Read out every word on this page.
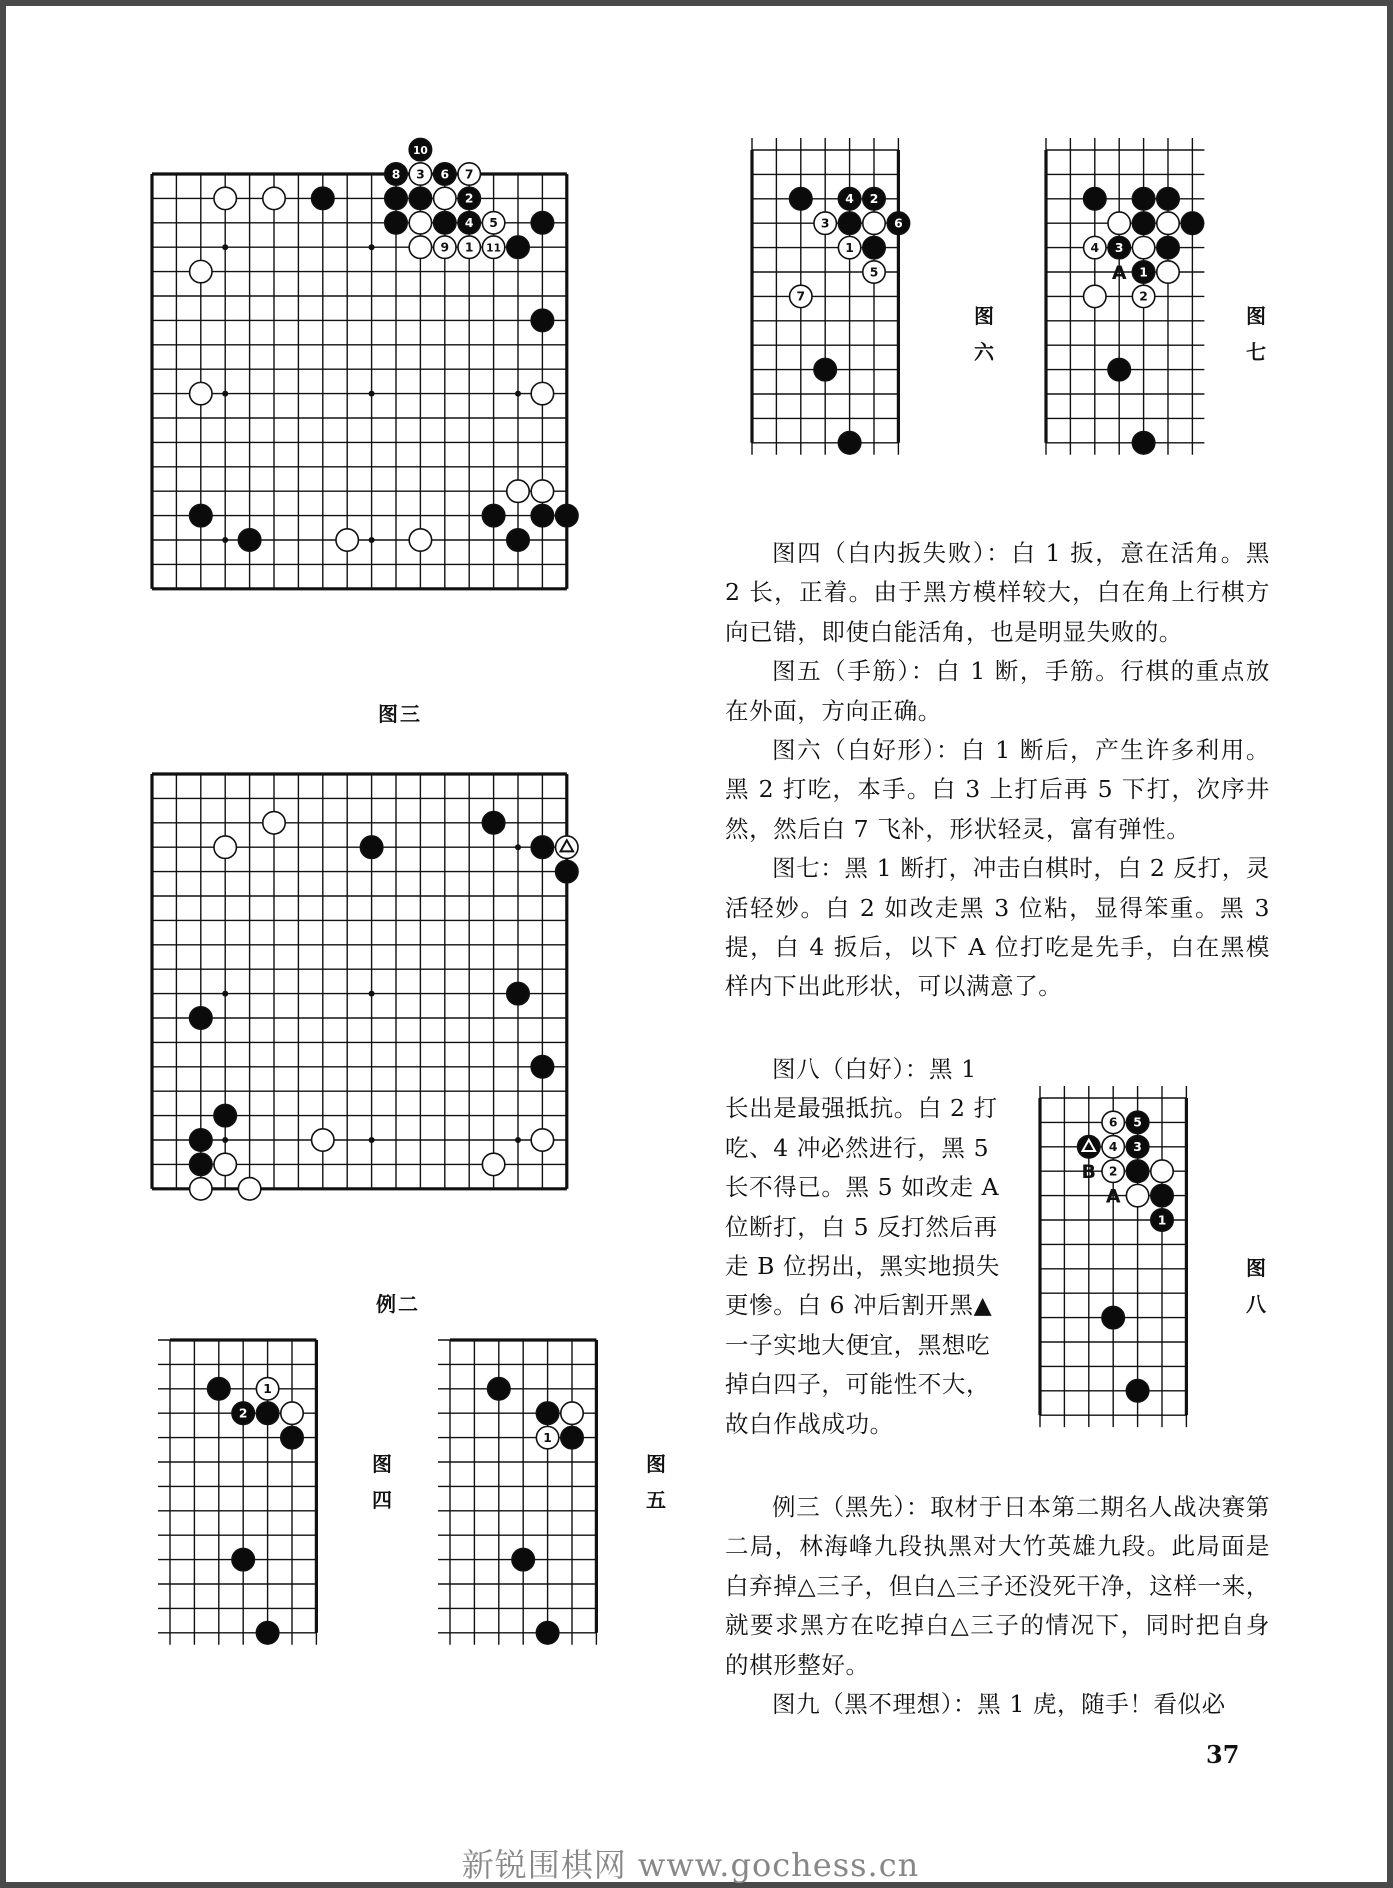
10
8 3 6 7
2
4 5
9 1 11
图三
例二
1
2
图
四
1
图
五
4 2
3	6
1
5
7
图
六
4 3
1
2
A
图
七
6 5
4 3
2
1
B
A
图
八

图四（白内扳失败）：白 1 扳，意在活角。黑 2 长，正着。由于黑方模样较大，白在角上行棋方向已错，即使白能活角，也是明显失败的。

图五（手筋）：白 1 断，手筋。行棋的重点放在外面，方向正确。

图六（白好形）：白 1 断后，产生许多利用。黑 2 打吃，本手。白 3 上打后再 5 下打，次序井然，然后白 7 飞补，形状轻灵，富有弹性。

图七：黑 1 断打，冲击白棋时，白 2 反打，灵活轻妙。白 2 如改走黑 3 位粘，显得笨重。黑 3 提，白 4 扳后，以下 A 位打吃是先手，白在黑模样内下出此形状，可以满意了。

图八（白好）：黑 1 长出是最强抵抗。白 2 打吃、4 冲必然进行，黑 5 长不得已。黑 5 如改走 A 位断打，白 5 反打然后再走 B 位拐出，黑实地损失更惨。白 6 冲后割开黑▲一子实地大便宜，黑想吃掉白四子，可能性不大，故白作战成功。

例三（黑先）：取材于日本第二期名人战决赛第二局，林海峰九段执黑对大竹英雄九段。此局面是白弃掉△三子，但白△三子还没死干净，这样一来，就要求黑方在吃掉白△三子的情况下，同时把自身的棋形整好。

图九（黑不理想）：黑 1 虎，随手！看似必

37
新锐围棋网 www.gochess.cn
